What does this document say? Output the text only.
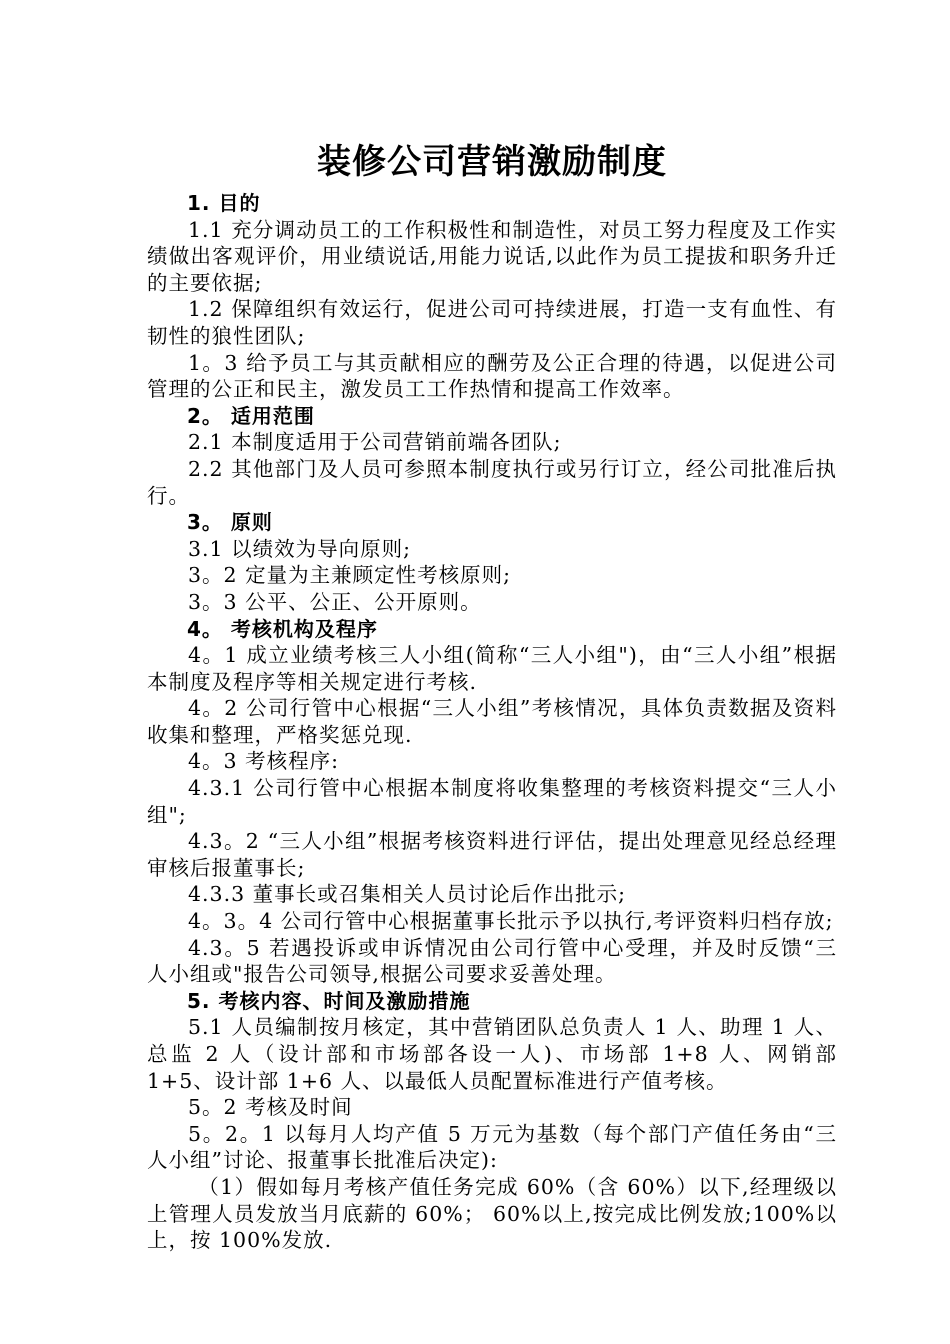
装修公司营销激励制度
1. 目的

1.1 充分调动员工的工作积极性和制造性，对员工努力程度及工作实绩做出客观评价，用业绩说话,用能力说话,以此作为员工提拔和职务升迁的主要依据;

1.2 保障组织有效运行，促进公司可持续进展，打造一支有血性、有韧性的狼性团队;

1。3 给予员工与其贡献相应的酬劳及公正合理的待遇，以促进公司管理的公正和民主，激发员工工作热情和提高工作效率。

2。 适用范围

2.1 本制度适用于公司营销前端各团队;

2.2 其他部门及人员可参照本制度执行或另行订立，经公司批准后执行。

3。 原则

3.1 以绩效为导向原则;

3。2 定量为主兼顾定性考核原则;

3。3 公平、公正、公开原则。

4。 考核机构及程序

4。1 成立业绩考核三人小组(简称“三人小组")，由“三人小组”根据本制度及程序等相关规定进行考核.

4。2 公司行管中心根据“三人小组”考核情况，具体负责数据及资料收集和整理，严格奖惩兑现.

4。3 考核程序:

4.3.1 公司行管中心根据本制度将收集整理的考核资料提交“三人小组";

4.3。2 “三人小组”根据考核资料进行评估，提出处理意见经总经理审核后报董事长;

4.3.3 董事长或召集相关人员讨论后作出批示;

4。3。4 公司行管中心根据董事长批示予以执行,考评资料归档存放;

4.3。5 若遇投诉或申诉情况由公司行管中心受理，并及时反馈“三人小组或"报告公司领导,根据公司要求妥善处理。

5. 考核内容、时间及激励措施

5.1 人员编制按月核定，其中营销团队总负责人 1 人、助理 1 人、总监 2 人（设计部和市场部各设一人)、市场部 1+8 人、网销部 1+5、设计部 1+6 人、以最低人员配置标准进行产值考核。

5。2 考核及时间

5。2。1 以每月人均产值 5 万元为基数（每个部门产值任务由“三人小组”讨论、报董事长批准后决定):

（1）假如每月考核产值任务完成 60%（含 60%）以下,经理级以上管理人员发放当月底薪的 60%； 60%以上,按完成比例发放;100%以上，按 100%发放.
